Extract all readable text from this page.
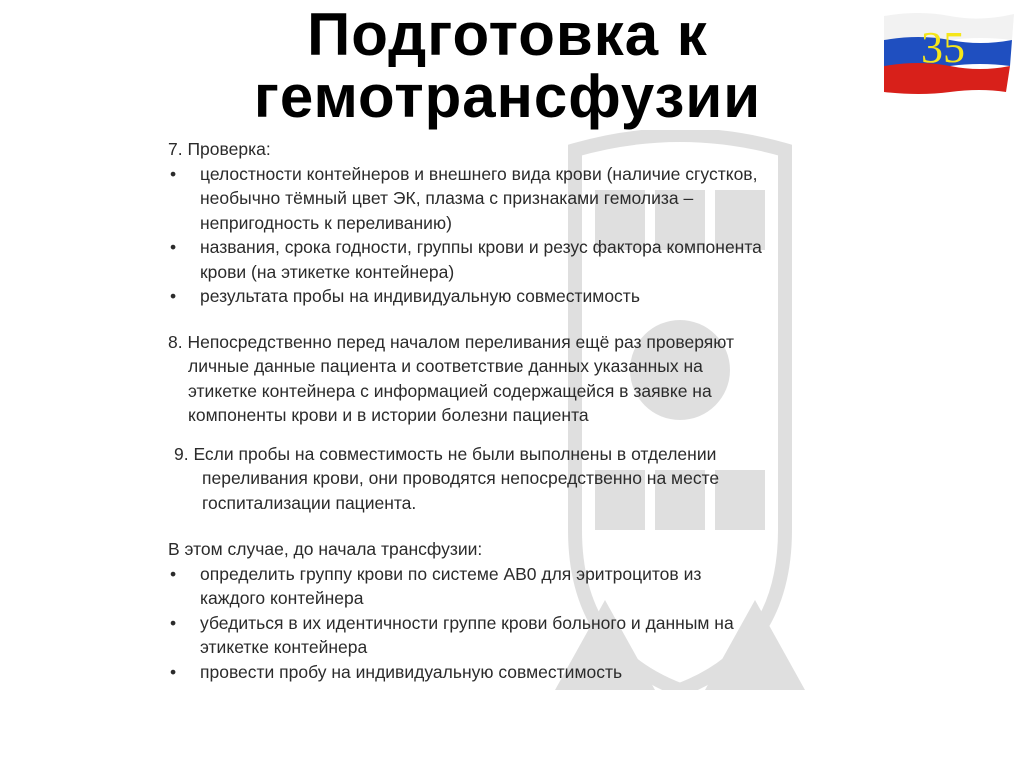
Подготовка к
гемотрансфузии
35
7. Проверка:
•	целостности контейнеров и внешнего вида крови (наличие сгустков,
необычно тёмный цвет ЭК, плазма с признаками гемолиза –
непригодность к переливанию)
•	названия, срока годности, группы крови и резус фактора компонента
крови (на этикетке контейнера)
•	результата пробы на индивидуальную совместимость
8. Непосредственно перед началом переливания ещё раз проверяют
личные данные пациента и соответствие данных указанных на
этикетке контейнера с информацией содержащейся в заявке на
компоненты крови и в истории болезни пациента
9. Если пробы на совместимость не были выполнены в отделении
переливания крови, они проводятся непосредственно на месте
госпитализации пациента.
В этом случае, до начала трансфузии:
•	определить группу крови по системе АВ0 для эритроцитов из
каждого контейнера
•	убедиться в их идентичности группе крови больного и данным на
этикетке контейнера
•	провести пробу на индивидуальную совместимость
